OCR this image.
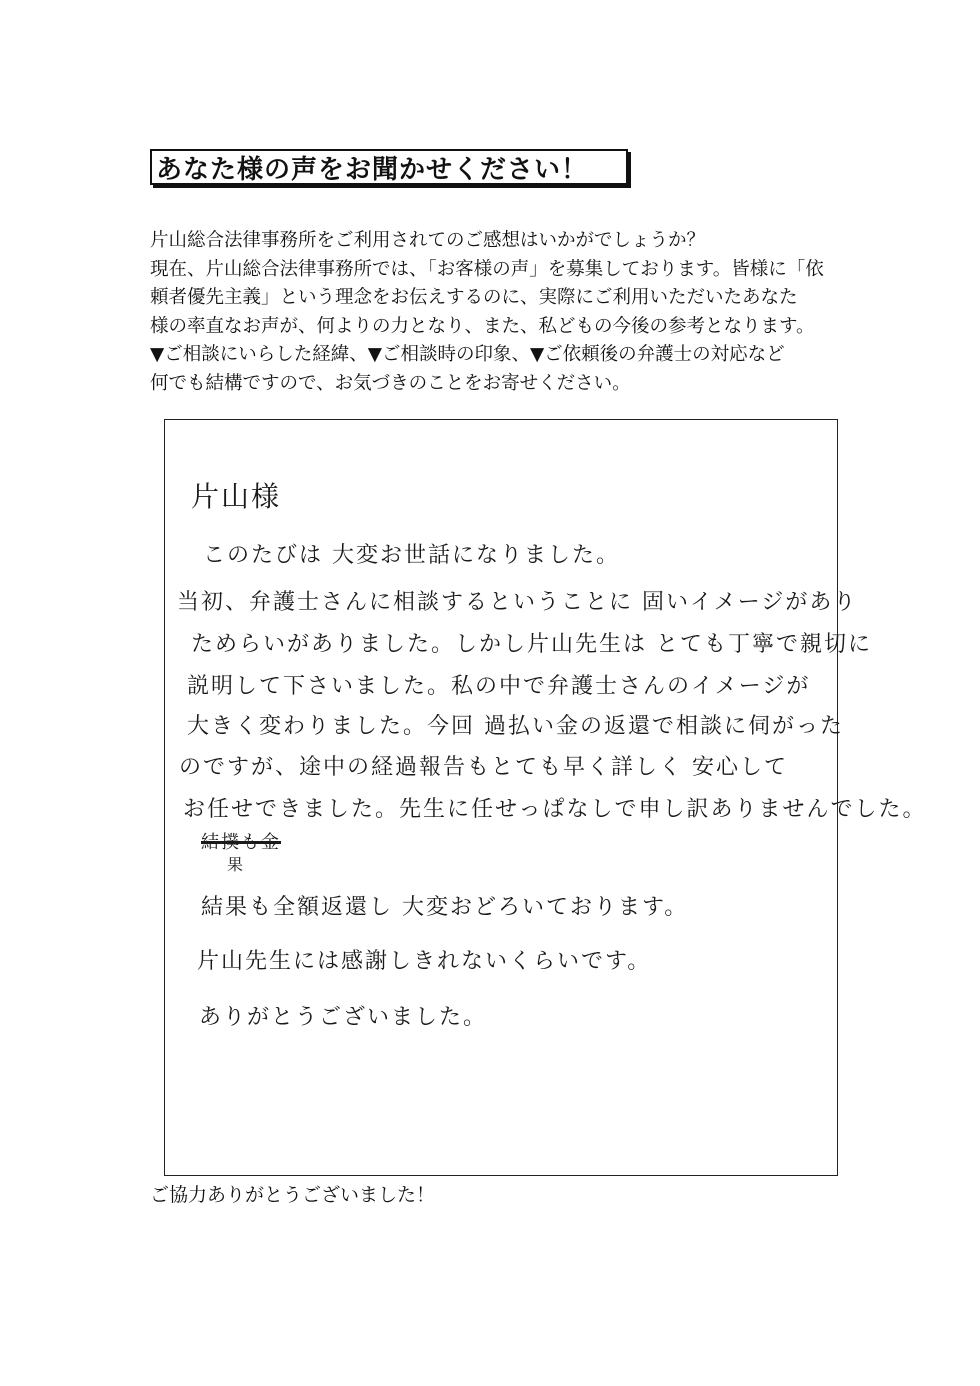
あなた様の声をお聞かせください！
片山総合法律事務所をご利用されてのご感想はいかがでしょうか？
現在、片山総合法律事務所では、「お客様の声」を募集しております。皆様に「依
頼者優先主義」という理念をお伝えするのに、実際にご利用いただいたあなた
様の率直なお声が、何よりの力となり、また、私どもの今後の参考となります。
▼ご相談にいらした経緯、▼ご相談時の印象、▼ご依頼後の弁護士の対応など
何でも結構ですので、お気づきのことをお寄せください。
片山様
このたびは 大変お世話になりました。
当初、弁護士さんに相談するということに 固いイメージがあり
ためらいがありました。しかし片山先生は とても丁寧で親切に
説明して下さいました。私の中で弁護士さんのイメージが
大きく変わりました。今回 過払い金の返還で相談に伺がった
のですが、途中の経過報告もとても早く詳しく 安心して
お任せできました。先生に任せっぱなしで申し訳ありませんでした。
結撲も金
果
結果も全額返還し 大変おどろいております。
片山先生には感謝しきれないくらいです。
ありがとうございました。
ご協力ありがとうございました！
